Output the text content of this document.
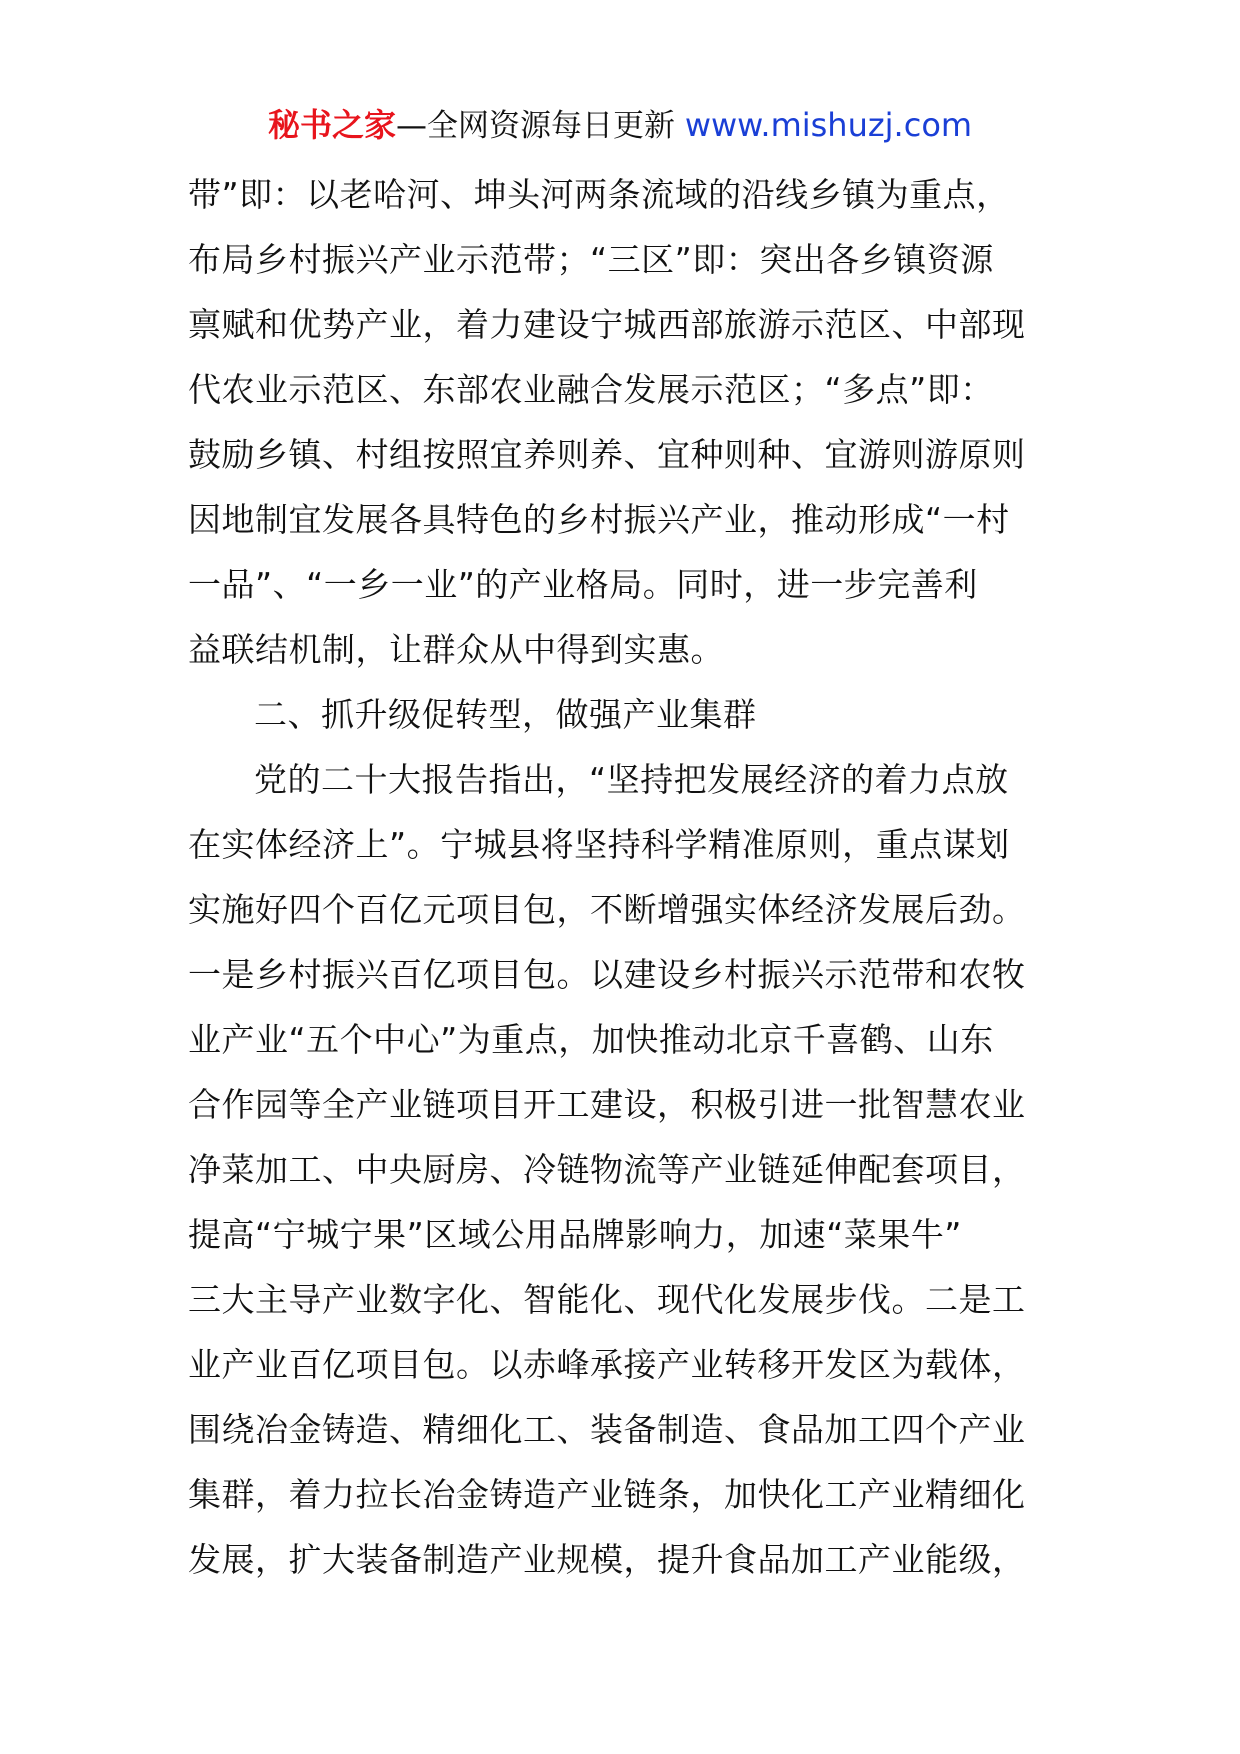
秘书之家—全网资源每日更新 www.mishuzj.com
带”即：以老哈河、坤头河两条流域的沿线乡镇为重点，
布局乡村振兴产业示范带；“三区”即：突出各乡镇资源
禀赋和优势产业，着力建设宁城西部旅游示范区、中部现
代农业示范区、东部农业融合发展示范区；“多点”即：
鼓励乡镇、村组按照宜养则养、宜种则种、宜游则游原则
因地制宜发展各具特色的乡村振兴产业，推动形成“一村
一品”、“一乡一业”的产业格局。同时，进一步完善利
益联结机制，让群众从中得到实惠。
二、抓升级促转型，做强产业集群
党的二十大报告指出，“坚持把发展经济的着力点放
在实体经济上”。宁城县将坚持科学精准原则，重点谋划
实施好四个百亿元项目包，不断增强实体经济发展后劲。
一是乡村振兴百亿项目包。以建设乡村振兴示范带和农牧
业产业“五个中心”为重点，加快推动北京千喜鹤、山东
合作园等全产业链项目开工建设，积极引进一批智慧农业
净菜加工、中央厨房、冷链物流等产业链延伸配套项目，
提高“宁城宁果”区域公用品牌影响力，加速“菜果牛”
三大主导产业数字化、智能化、现代化发展步伐。二是工
业产业百亿项目包。以赤峰承接产业转移开发区为载体，
围绕冶金铸造、精细化工、装备制造、食品加工四个产业
集群，着力拉长冶金铸造产业链条，加快化工产业精细化
发展，扩大装备制造产业规模，提升食品加工产业能级，
